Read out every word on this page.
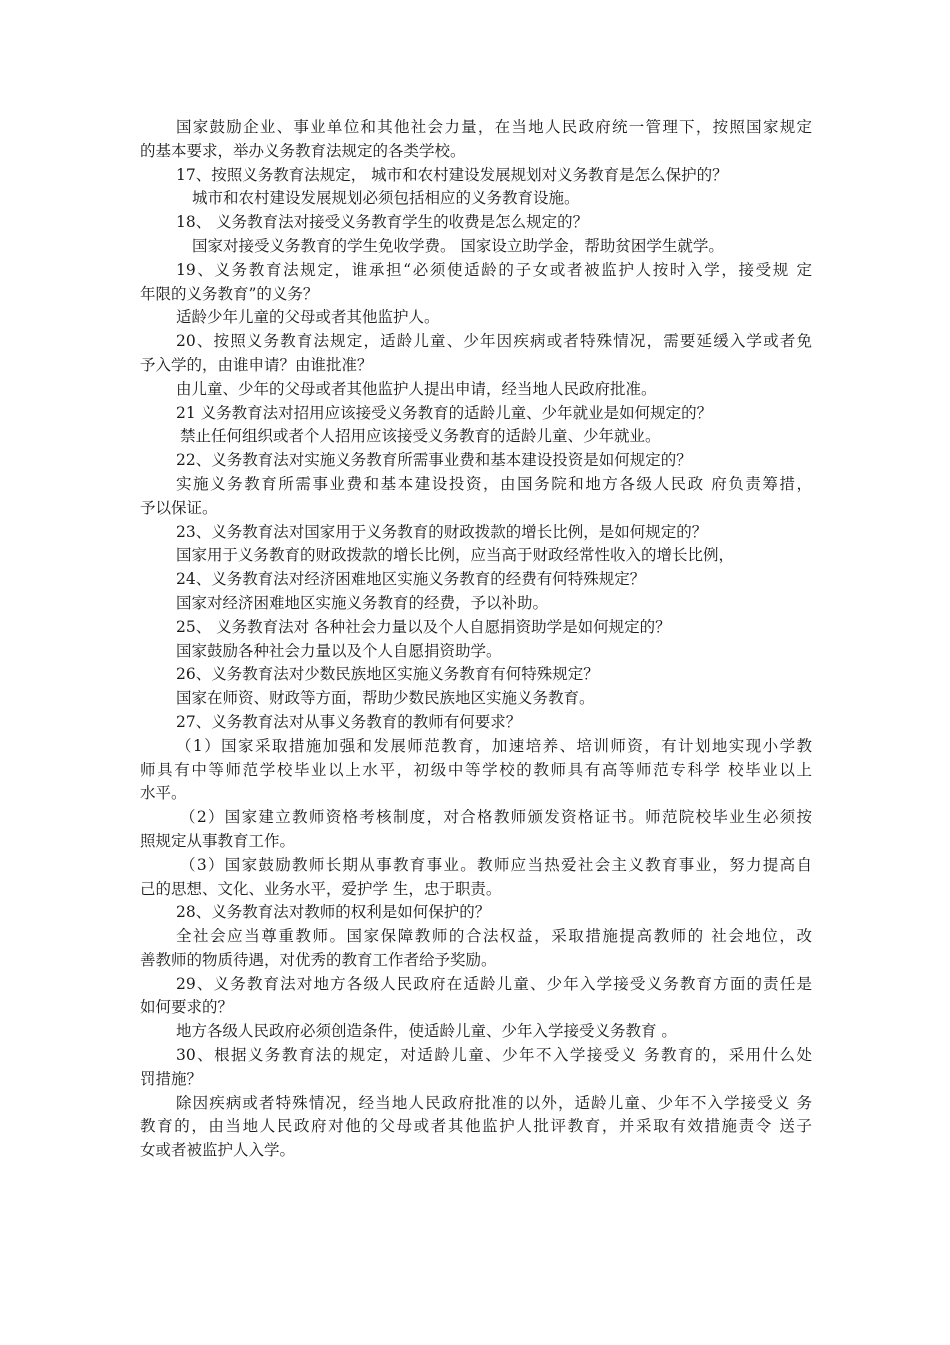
国家鼓励企业、事业单位和其他社会力量，在当地人民政府统一管理下，按照国家规定
的基本要求，举办义务教育法规定的各类学校。
17、按照义务教育法规定， 城市和农村建设发展规划对义务教育是怎么保护的？
城市和农村建设发展规划必须包括相应的义务教育设施。
18、 义务教育法对接受义务教育学生的收费是怎么规定的？
国家对接受义务教育的学生免收学费。 国家设立助学金，帮助贫困学生就学。
19、义务教育法规定，谁承担“必须使适龄的子女或者被监护人按时入学，接受规 定
年限的义务教育”的义务？
适龄少年儿童的父母或者其他监护人。
20、按照义务教育法规定，适龄儿童、少年因疾病或者特殊情况，需要延缓入学或者免
予入学的，由谁申请？由谁批准？
由儿童、少年的父母或者其他监护人提出申请，经当地人民政府批准。
21 义务教育法对招用应该接受义务教育的适龄儿童、少年就业是如何规定的？
禁止任何组织或者个人招用应该接受义务教育的适龄儿童、少年就业。
22、义务教育法对实施义务教育所需事业费和基本建设投资是如何规定的？
实施义务教育所需事业费和基本建设投资，由国务院和地方各级人民政 府负责筹措，
予以保证。
23、义务教育法对国家用于义务教育的财政拨款的增长比例，是如何规定的？
国家用于义务教育的财政拨款的增长比例，应当高于财政经常性收入的增长比例，
24、义务教育法对经济困难地区实施义务教育的经费有何特殊规定？
国家对经济困难地区实施义务教育的经费，予以补助。
25、 义务教育法对 各种社会力量以及个人自愿捐资助学是如何规定的？
国家鼓励各种社会力量以及个人自愿捐资助学。
26、义务教育法对少数民族地区实施义务教育有何特殊规定？
国家在师资、财政等方面，帮助少数民族地区实施义务教育。
27、义务教育法对从事义务教育的教师有何要求？
（1）国家采取措施加强和发展师范教育，加速培养、培训师资，有计划地实现小学教
师具有中等师范学校毕业以上水平，初级中等学校的教师具有高等师范专科学 校毕业以上
水平。
（2）国家建立教师资格考核制度，对合格教师颁发资格证书。师范院校毕业生必须按
照规定从事教育工作。
（3）国家鼓励教师长期从事教育事业。教师应当热爱社会主义教育事业，努力提高自
己的思想、文化、业务水平，爱护学 生，忠于职责。
28、义务教育法对教师的权利是如何保护的？
全社会应当尊重教师。国家保障教师的合法权益，采取措施提高教师的 社会地位，改
善教师的物质待遇，对优秀的教育工作者给予奖励。
29、义务教育法对地方各级人民政府在适龄儿童、少年入学接受义务教育方面的责任是
如何要求的？
地方各级人民政府必须创造条件，使适龄儿童、少年入学接受义务教育 。
30、根据义务教育法的规定，对适龄儿童、少年不入学接受义 务教育的，采用什么处
罚措施？
除因疾病或者特殊情况，经当地人民政府批准的以外，适龄儿童、少年不入学接受义 务
教育的，由当地人民政府对他的父母或者其他监护人批评教育，并采取有效措施责令 送子
女或者被监护人入学。
